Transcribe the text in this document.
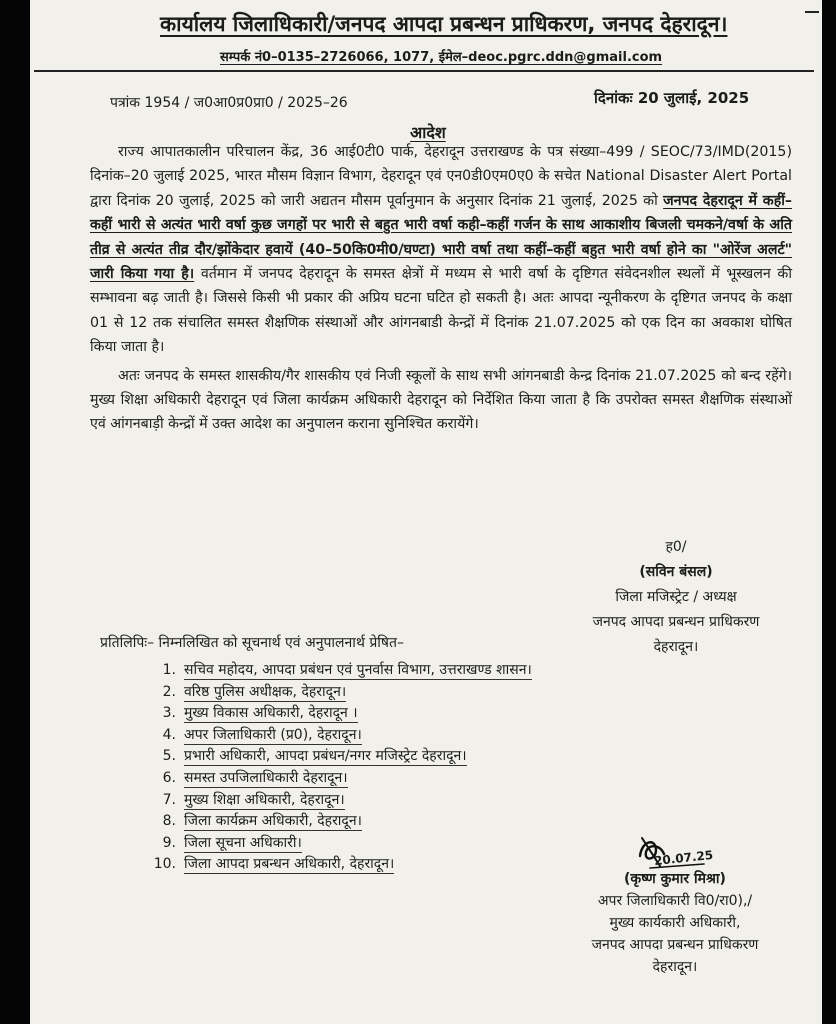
कार्यालय जिलाधिकारी/जनपद आपदा प्रबन्धन प्राधिकरण, जनपद देहरादून।
सम्पर्क नं0–0135–2726066, 1077, ईमेल–deoc.pgrc.ddn@gmail.com
पत्रांक 1954 / ज0आ0प्र0प्रा0 / 2025–26	दिनांकः 20 जुलाई, 2025
आदेश

राज्य आपातकालीन परिचालन केंद्र, 36 आई0टी0 पार्क, देहरादून उत्तराखण्ड के पत्र संख्या–499 / SEOC/73/IMD(2015) दिनांक–20 जुलाई 2025, भारत मौसम विज्ञान विभाग, देहरादून एवं एन0डी0एम0ए0 के सचेत National Disaster Alert Portal द्वारा दिनांक 20 जुलाई, 2025 को जारी अद्यतन मौसम पूर्वानुमान के अनुसार दिनांक 21 जुलाई, 2025 को जनपद देहरादून में कहीं–कहीं भारी से अत्यंत भारी वर्षा कुछ जगहों पर भारी से बहुत भारी वर्षा कही–कहीं गर्जन के साथ आकाशीय बिजली चमकने/वर्षा के अति तीव्र से अत्यंत तीव्र दौर/झोंकेदार हवायें (40–50कि0मी0/घण्टा) भारी वर्षा तथा कहीं–कहीं बहुत भारी वर्षा होने का "ओरेंज अलर्ट" जारी किया गया है। वर्तमान में जनपद देहरादून के समस्त क्षेत्रों में मध्यम से भारी वर्षा के दृष्टिगत संवेदनशील स्थलों में भूस्खलन की सम्भावना बढ़ जाती है। जिससे किसी भी प्रकार की अप्रिय घटना घटित हो सकती है। अतः आपदा न्यूनीकरण के दृष्टिगत जनपद के कक्षा 01 से 12 तक संचालित समस्त शैक्षणिक संस्थाओं और आंगनबाडी केन्द्रों में दिनांक 21.07.2025 को एक दिन का अवकाश घोषित किया जाता है।

अतः जनपद के समस्त शासकीय/गैर शासकीय एवं निजी स्कूलों के साथ सभी आंगनबाडी केन्द्र दिनांक 21.07.2025 को बन्द रहेंगे। मुख्य शिक्षा अधिकारी देहरादून एवं जिला कार्यक्रम अधिकारी देहरादून को निर्देशित किया जाता है कि उपरोक्त समस्त शैक्षणिक संस्थाओं एवं आंगनबाड़ी केन्द्रों में उक्त आदेश का अनुपालन कराना सुनिश्चित करायेंगे।

ह0/
(सविन बंसल)
जिला मजिस्ट्रेट / अध्यक्ष
जनपद आपदा प्रबन्धन प्राधिकरण
देहरादून।
प्रतिलिपिः– निम्नलिखित को सूचनार्थ एवं अनुपालनार्थ प्रेषित–
1. सचिव महोदय, आपदा प्रबंधन एवं पुनर्वास विभाग, उत्तराखण्ड शासन।
2. वरिष्ठ पुलिस अधीक्षक, देहरादून।
3. मुख्य विकास अधिकारी, देहरादून ।
4. अपर जिलाधिकारी (प्र0), देहरादून।
5. प्रभारी अधिकारी, आपदा प्रबंधन/नगर मजिस्ट्रेट देहरादून।
6. समस्त उपजिलाधिकारी देहरादून।
7. मुख्य शिक्षा अधिकारी, देहरादून।
8. जिला कार्यक्रम अधिकारी, देहरादून।
9. जिला सूचना अधिकारी।
10. जिला आपदा प्रबन्धन अधिकारी, देहरादून।	20.07.25
(कृष्ण कुमार मिश्रा)
अपर जिलाधिकारी वि0/रा0),/
मुख्य कार्यकारी अधिकारी,
जनपद आपदा प्रबन्धन प्राधिकरण
देहरादून।
